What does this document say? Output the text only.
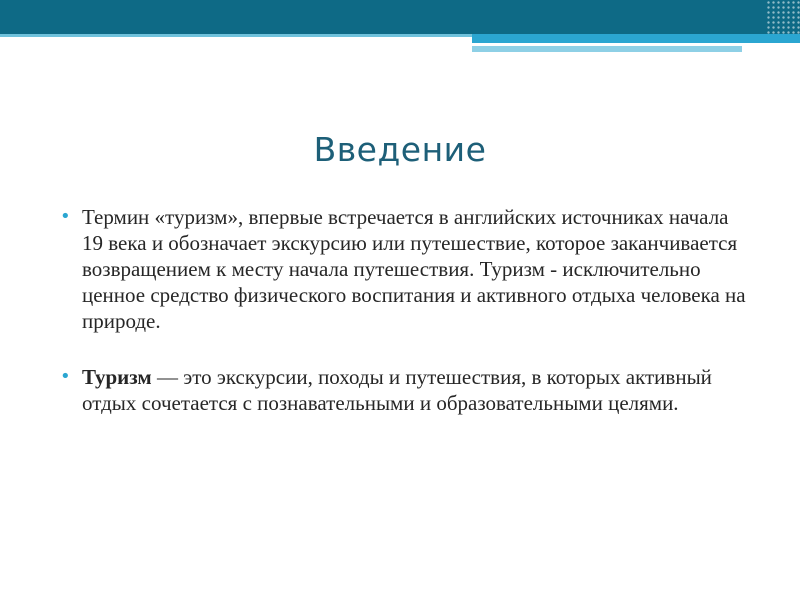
Введение
• Термин «туризм», впервые встречается в английских источниках начала 19 века и обозначает экскурсию или путешествие, которое заканчивается возвращением к месту начала путешествия. Туризм - исключительно ценное средство физического воспитания и активного отдыха человека на природе.
• Туризм — это экскурсии, походы и путешествия, в которых активный отдых сочетается с познавательными и образовательными целями.
